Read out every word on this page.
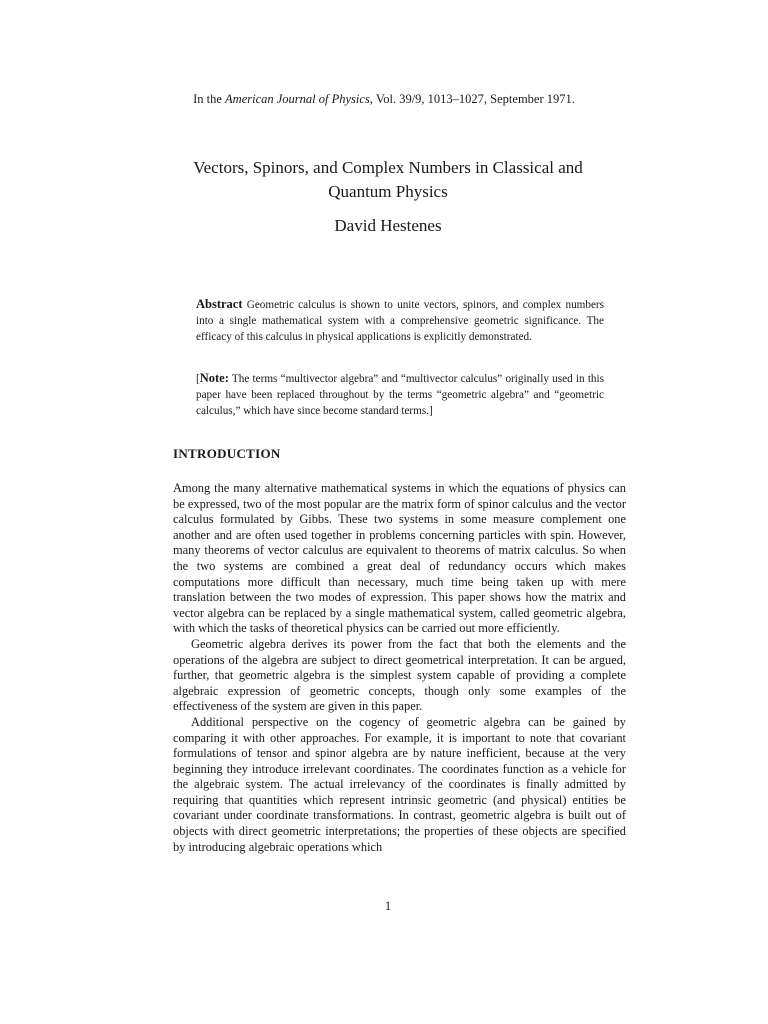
In the American Journal of Physics, Vol. 39/9, 1013–1027, September 1971.
Vectors, Spinors, and Complex Numbers in Classical and Quantum Physics
David Hestenes
Abstract Geometric calculus is shown to unite vectors, spinors, and complex numbers into a single mathematical system with a comprehensive geometric significance. The efficacy of this calculus in physical applications is explicitly demonstrated.
[Note: The terms “multivector algebra” and “multivector calculus” originally used in this paper have been replaced throughout by the terms “geometric algebra” and “geometric calculus,” which have since become standard terms.]
INTRODUCTION

Among the many alternative mathematical systems in which the equations of physics can be expressed, two of the most popular are the matrix form of spinor calculus and the vector calculus formulated by Gibbs. These two systems in some measure complement one another and are often used together in problems concerning particles with spin. However, many theorems of vector calculus are equivalent to theorems of matrix calculus. So when the two systems are combined a great deal of redundancy occurs which makes computations more difficult than necessary, much time being taken up with mere translation between the two modes of expression. This paper shows how the matrix and vector algebra can be replaced by a single mathematical system, called geometric algebra, with which the tasks of theoretical physics can be carried out more efficiently.

Geometric algebra derives its power from the fact that both the elements and the operations of the algebra are subject to direct geometrical interpretation. It can be argued, further, that geometric algebra is the simplest system capable of providing a complete algebraic expression of geometric concepts, though only some examples of the effectiveness of the system are given in this paper.

Additional perspective on the cogency of geometric algebra can be gained by comparing it with other approaches. For example, it is important to note that covariant formulations of tensor and spinor algebra are by nature inefficient, because at the very beginning they introduce irrelevant coordinates. The coordinates function as a vehicle for the algebraic system. The actual irrelevancy of the coordinates is finally admitted by requiring that quantities which represent intrinsic geometric (and physical) entities be covariant under coordinate transformations. In contrast, geometric algebra is built out of objects with direct geometric interpretations; the properties of these objects are specified by introducing algebraic operations which

1
